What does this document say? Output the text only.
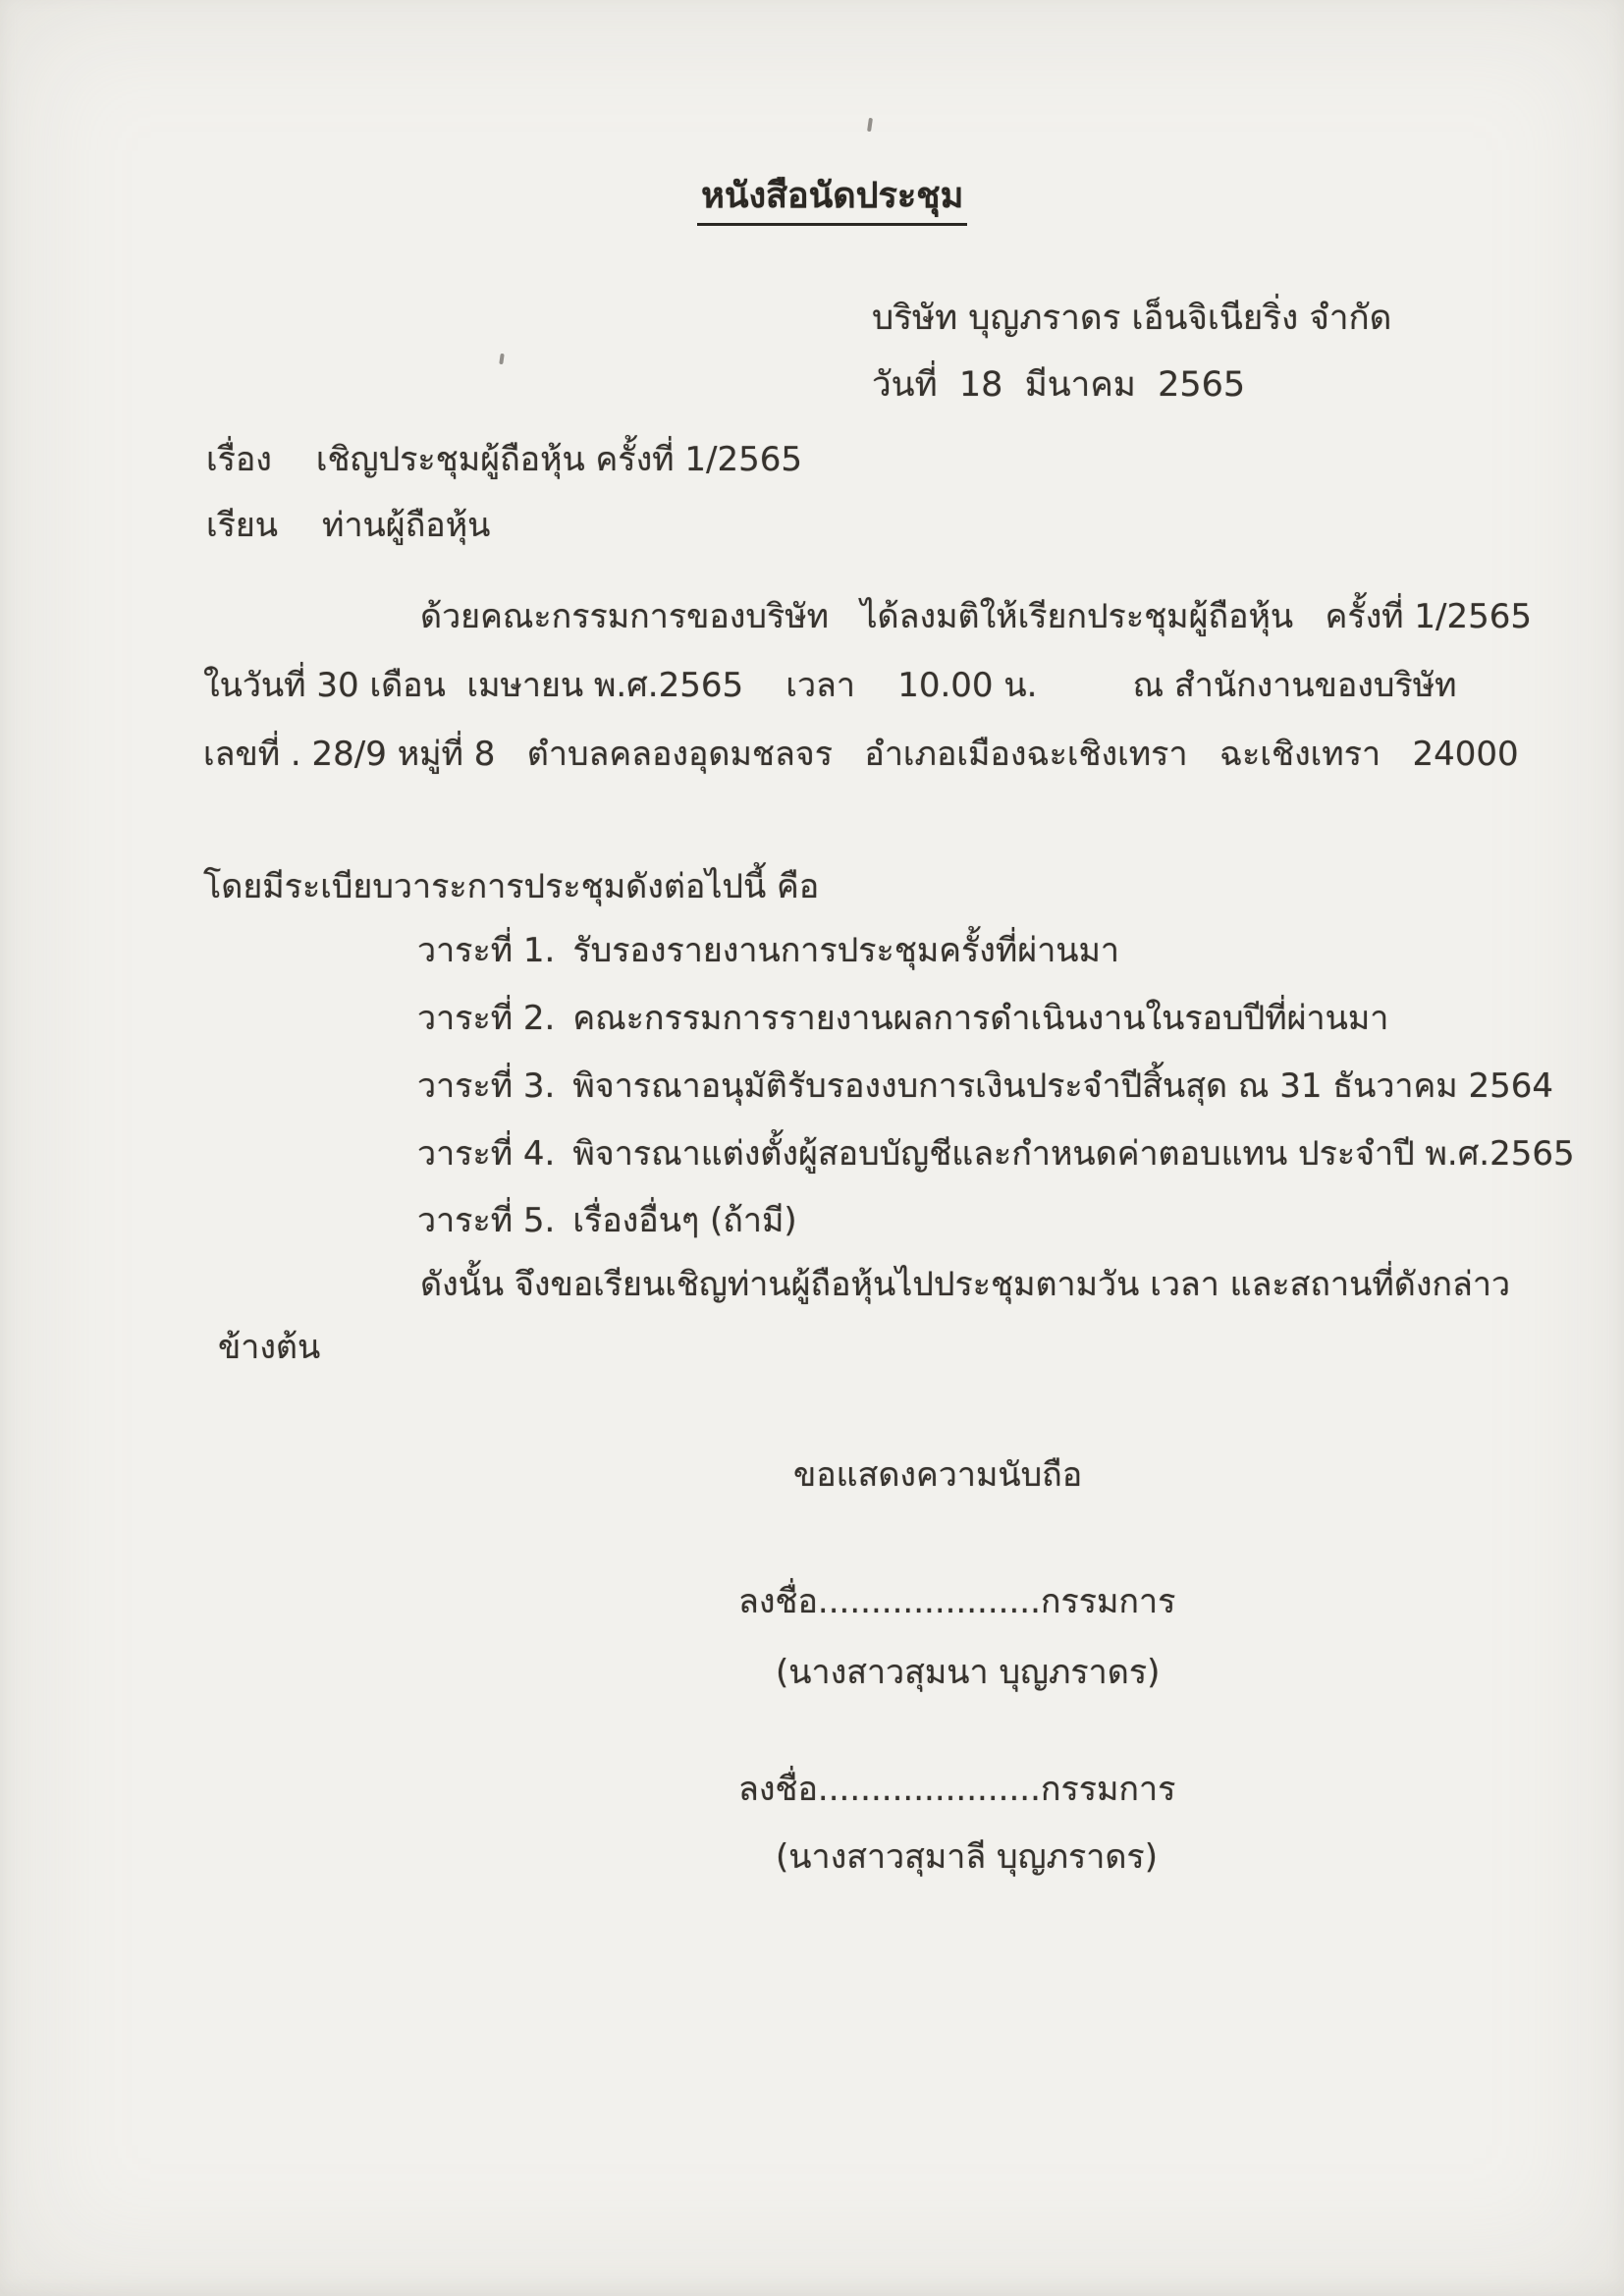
หนังสือนัดประชุม

บริษัท บุญภราดร เอ็นจิเนียริ่ง จำกัด
วันที่  18  มีนาคม  2565
เรื่อง เชิญประชุมผู้ถือหุ้น ครั้งที่ 1/2565
เรียน ท่านผู้ถือหุ้น
ด้วยคณะกรรมการของบริษัท   ได้ลงมติให้เรียกประชุมผู้ถือหุ้น   ครั้งที่ 1/2565
ในวันที่ 30 เดือน  เมษายน พ.ศ.2565    เวลา    10.00 น.         ณ สำนักงานของบริษัท
เลขที่ . 28/9 หมู่ที่ 8   ตำบลคลองอุดมชลจร   อำเภอเมืองฉะเชิงเทรา   ฉะเชิงเทรา   24000
โดยมีระเบียบวาระการประชุมดังต่อไปนี้ คือ
วาระที่ 1. รับรองรายงานการประชุมครั้งที่ผ่านมา
วาระที่ 2. คณะกรรมการรายงานผลการดำเนินงานในรอบปีที่ผ่านมา
วาระที่ 3. พิจารณาอนุมัติรับรองงบการเงินประจำปีสิ้นสุด ณ 31 ธันวาคม 2564
วาระที่ 4. พิจารณาแต่งตั้งผู้สอบบัญชีและกำหนดค่าตอบแทน ประจำปี พ.ศ.2565
วาระที่ 5. เรื่องอื่นๆ (ถ้ามี)
ดังนั้น จึงขอเรียนเชิญท่านผู้ถือหุ้นไปประชุมตามวัน เวลา และสถานที่ดังกล่าว
ข้างต้น
ขอแสดงความนับถือ
ลงชื่อ.....................กรรมการ
(นางสาวสุมนา บุญภราดร)
ลงชื่อ.....................กรรมการ
(นางสาวสุมาลี บุญภราดร)
